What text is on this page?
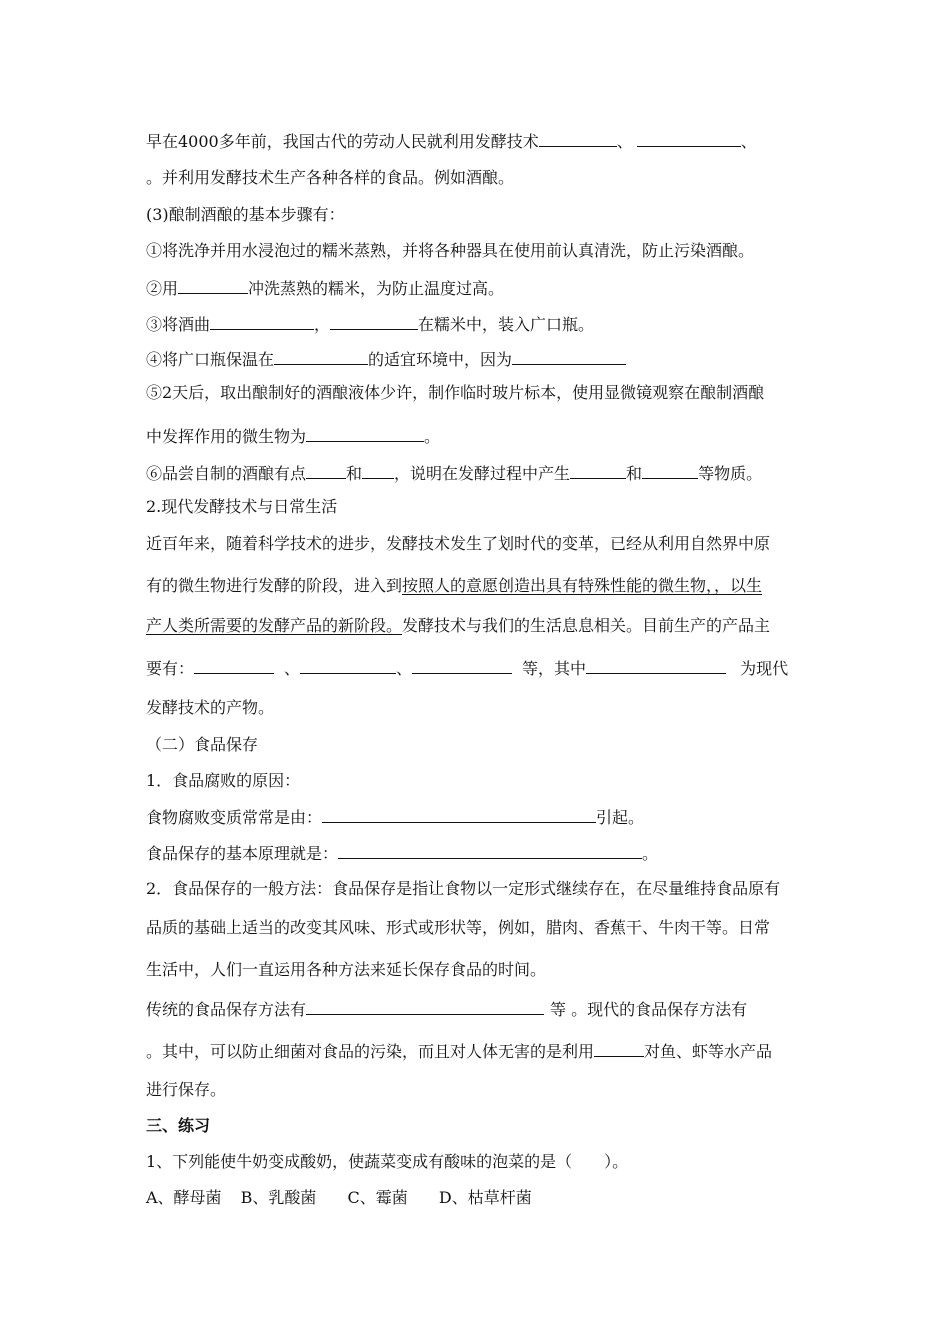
早在4000多年前，我国古代的劳动人民就利用发酵技术	、	、
。并利用发酵技术生产各种各样的食品。例如酒酿。
(3)酿制酒酿的基本步骤有：
①将洗净并用水浸泡过的糯米蒸熟，并将各种器具在使用前认真清洗，防止污染酒酿。
②用	冲洗蒸熟的糯米，为防止温度过高。
③将酒曲	，	在糯米中，装入广口瓶。
④将广口瓶保温在	的适宜环境中，因为
⑤2天后，取出酿制好的酒酿液体少许，制作临时玻片标本，使用显微镜观察在酿制酒酿
中发挥作用的微生物为	。
⑥品尝自制的酒酿有点	和 ，说明在发酵过程中产生	和	等物质。
2.现代发酵技术与日常生活
近百年来，随着科学技术的进步，发酵技术发生了划时代的变革，已经从利用自然界中原
有的微生物进行发酵的阶段，进入到按照人的意愿创造出具有特殊性能的微生物，，以生
产人类所需要的发酵产品的新阶段。发酵技术与我们的生活息息相关。目前生产的产品主
要有：	、	、	等，其中	为现代
发酵技术的产物。
（二）食品保存
1．食品腐败的原因：
食物腐败变质常常是由：	引起。
食品保存的基本原理就是：	。
2．食品保存的一般方法：食品保存是指让食物以一定形式继续存在，在尽量维持食品原有
品质的基础上适当的改变其风味、形式或形状等，例如，腊肉、香蕉干、牛肉干等。日常
生活中，人们一直运用各种方法来延长保存食品的时间。
传统的食品保存方法有	等 。现代的食品保存方法有
。其中，可以防止细菌对食品的污染，而且对人体无害的是利用	对鱼、虾等水产品
进行保存。
三、练习
1、下列能使牛奶变成酸奶，使蔬菜变成有酸味的泡菜的是（　　）。
A、酵母菌 B、乳酸菌 C、霉菌 D、枯草杆菌
